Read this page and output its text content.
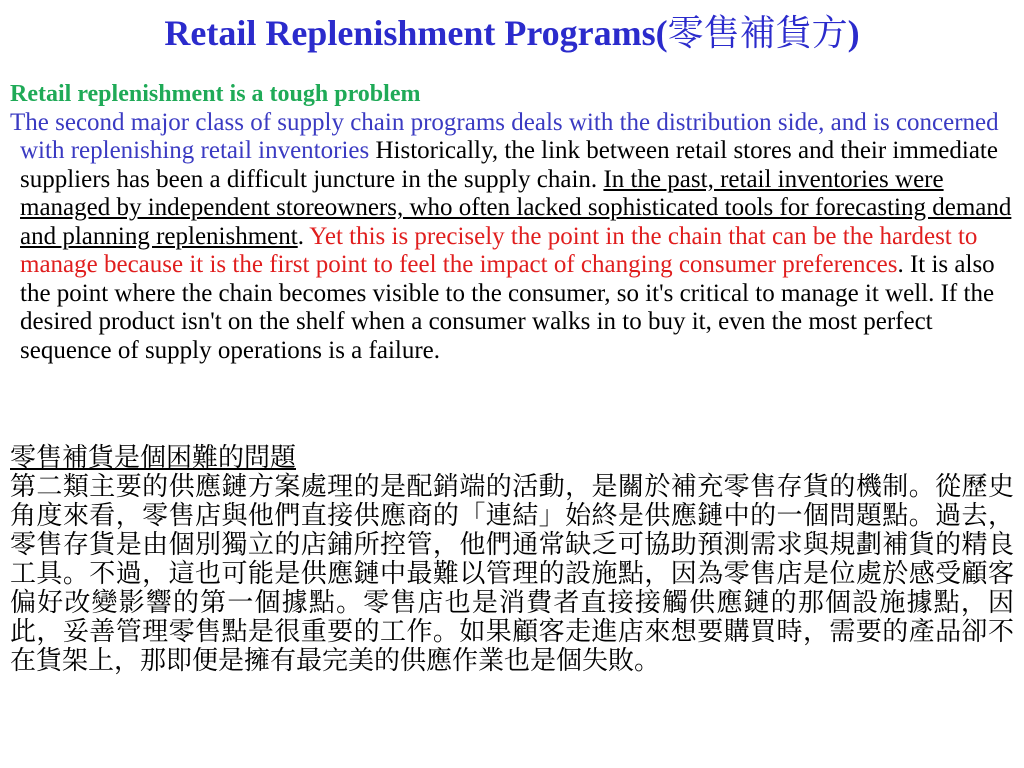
Retail Replenishment Programs(零售補貨方)

Retail replenishment is a tough problem

The second major class of supply chain programs deals with the distribution side, and is concerned with replenishing retail inventories Historically, the link between retail stores and their immediate suppliers has been a difficult juncture in the supply chain. In the past, retail inventories were managed by independent storeowners, who often lacked sophisticated tools for forecasting demand and planning replenishment. Yet this is precisely the point in the chain that can be the hardest to manage because it is the first point to feel the impact of changing consumer preferences. It is also the point where the chain becomes visible to the consumer, so it's critical to manage it well. If the desired product isn't on the shelf when a consumer walks in to buy it, even the most perfect sequence of supply operations is a failure.

零售補貨是個困難的問題

第二類主要的供應鏈方案處理的是配銷端的活動，是關於補充零售存貨的機制。從歷史角度來看，零售店與他們直接供應商的「連結」始終是供應鏈中的一個問題點。過去，零售存貨是由個別獨立的店鋪所控管，他們通常缺乏可協助預測需求與規劃補貨的精良工具。不過，這也可能是供應鏈中最難以管理的設施點，因為零售店是位處於感受顧客偏好改變影響的第一個據點。零售店也是消費者直接接觸供應鏈的那個設施據點，因此，妥善管理零售點是很重要的工作。如果顧客走進店來想要購買時，需要的產品卻不在貨架上，那即便是擁有最完美的供應作業也是個失敗。
